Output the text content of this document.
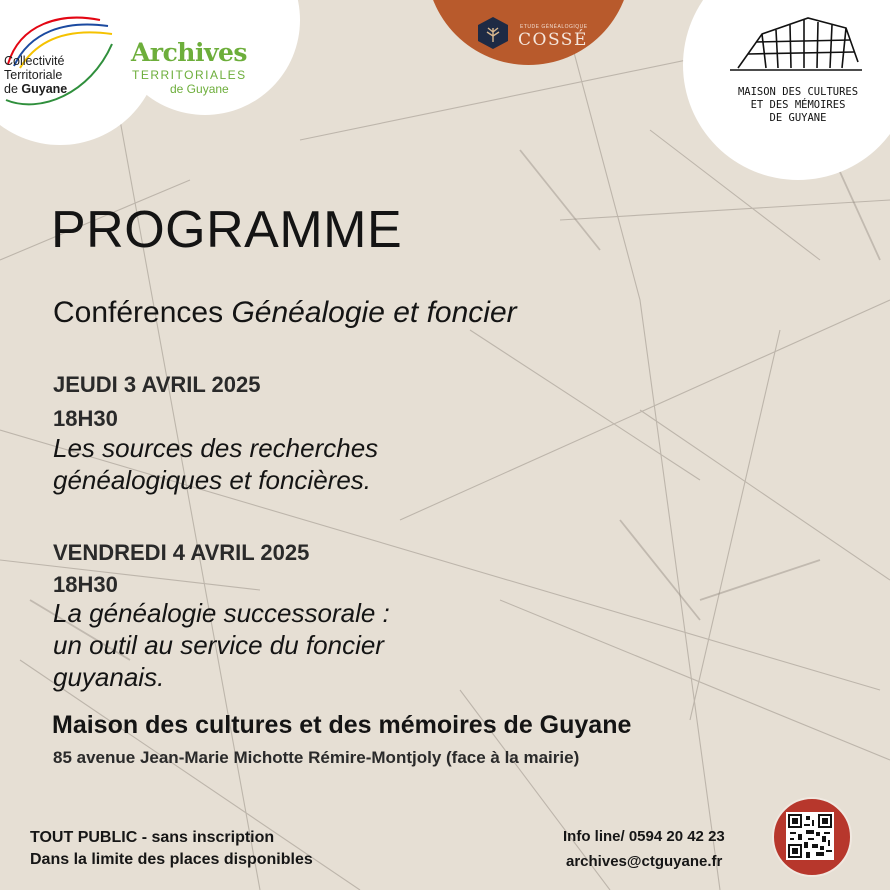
Collectivité
Territoriale
de Guyane
Archives
TERRITORIALES
de Guyane
ETUDE GÉNÉALOGIQUE
COSSÉ
MAISON DES CULTURES
ET DES MÉMOIRES
DE GUYANE
PROGRAMME
Conférences Généalogie et foncier
JEUDI 3 AVRIL 2025
18H30
Les sources des recherches
généalogiques et foncières.
VENDREDI 4 AVRIL 2025
18H30
La généalogie successorale :
un outil au service du foncier
guyanais.
Maison des cultures et des mémoires de Guyane
85 avenue Jean-Marie Michotte Rémire-Montjoly (face à la mairie)
TOUT PUBLIC - sans inscription
Dans la limite des places disponibles
Info line/ 0594 20 42 23
archives@ctguyane.fr
